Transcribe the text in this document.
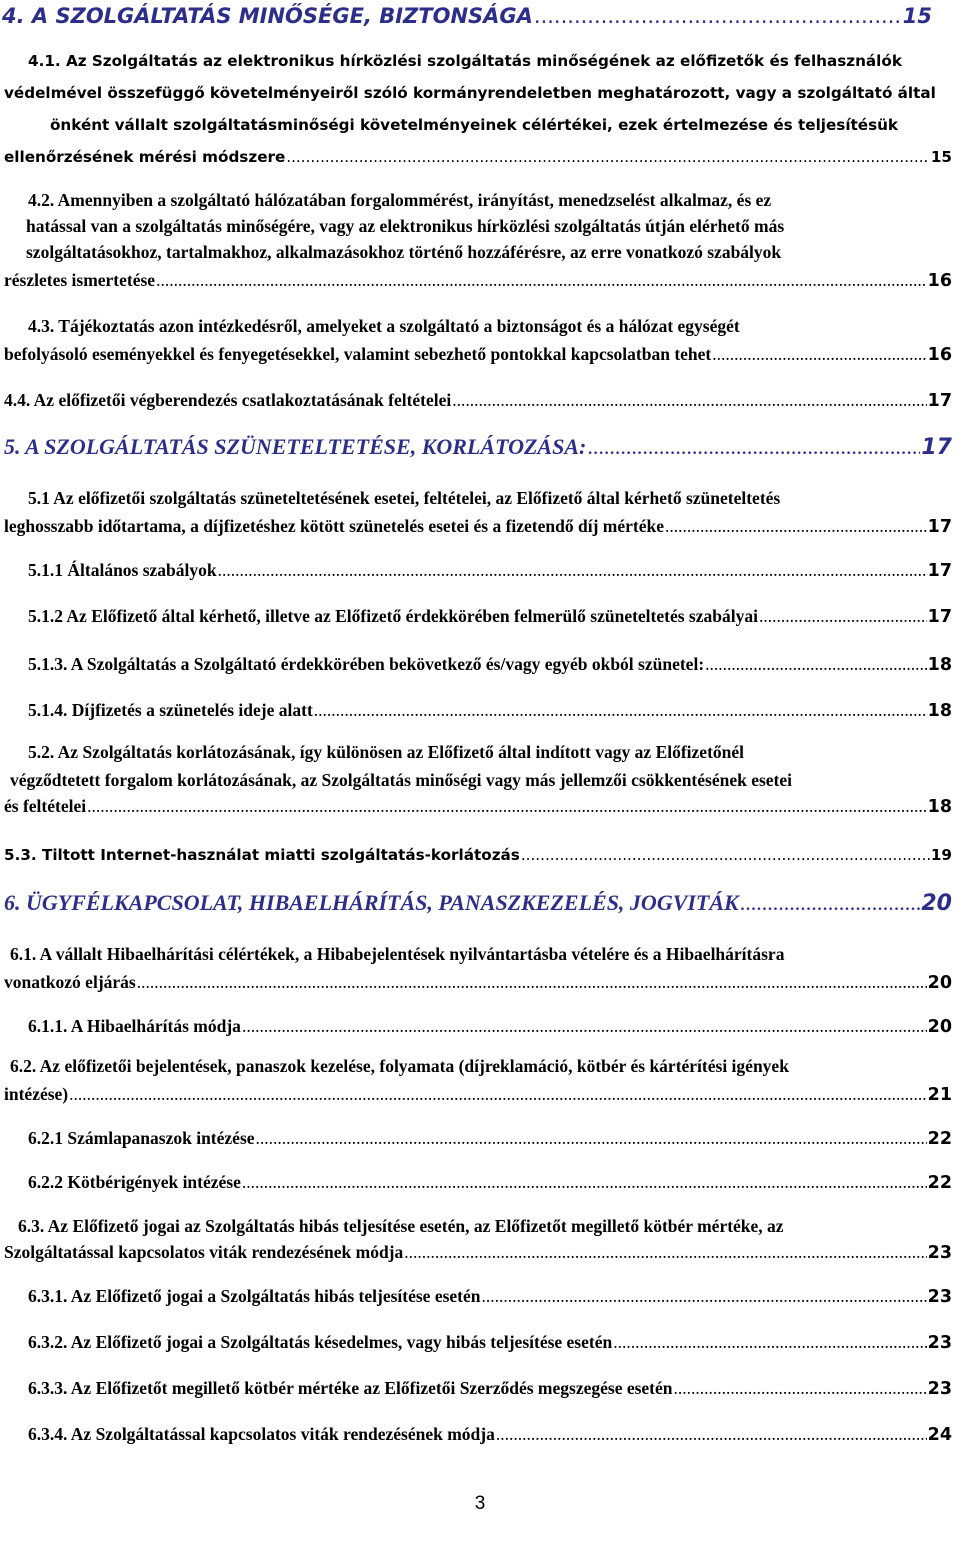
4. A SZOLGÁLTATÁS MINŐSÉGE, BIZTONSÁGA .....	15
4.1. Az Szolgáltatás az elektronikus hírközlési szolgáltatás minőségének az előfizetők és felhasználók
védelmével összefüggő követelményeiről szóló kormányrendeletben meghatározott, vagy a szolgáltató által
önként vállalt szolgáltatásminőségi követelményeinek célértékei, ezek értelmezése és teljesítésük
ellenőrzésének mérési módszere .....	15
4.2. Amennyiben a szolgáltató hálózatában forgalommérést, irányítást, menedzselést alkalmaz, és ez
hatással van a szolgáltatás minőségére, vagy az elektronikus hírközlési szolgáltatás útján elérhető más
szolgáltatásokhoz, tartalmakhoz, alkalmazásokhoz történő hozzáférésre, az erre vonatkozó szabályok
részletes ismertetése .....	16
4.3. Tájékoztatás azon intézkedésről, amelyeket a szolgáltató a biztonságot és a hálózat egységét
befolyásoló eseményekkel és fenyegetésekkel, valamint sebezhető pontokkal kapcsolatban tehet .....	16
4.4. Az előfizetői végberendezés csatlakoztatásának feltételei .....	17
5. A SZOLGÁLTATÁS SZÜNETELTETÉSE, KORLÁTOZÁSA: .....	17
5.1 Az előfizetői szolgáltatás szüneteltetésének esetei, feltételei, az Előfizető által kérhető szüneteltetés
leghosszabb időtartama, a díjfizetéshez kötött szünetelés esetei és a fizetendő díj mértéke .....	17
5.1.1 Általános szabályok .....	17
5.1.2 Az Előfizető által kérhető, illetve az Előfizető érdekkörében felmerülő szüneteltetés szabályai .....	17
5.1.3. A Szolgáltatás a Szolgáltató érdekkörében bekövetkező és/vagy egyéb okból szünetel: .....	18
5.1.4. Díjfizetés a szünetelés ideje alatt .....	18
5.2. Az Szolgáltatás korlátozásának, így különösen az Előfizető által indított vagy az Előfizetőnél
végződtetett forgalom korlátozásának, az Szolgáltatás minőségi vagy más jellemzői csökkentésének esetei
és feltételei .....	18
5.3. Tiltott Internet-használat miatti szolgáltatás-korlátozás .....	19
6. ÜGYFÉLKAPCSOLAT, HIBAELHÁRÍTÁS, PANASZKEZELÉS, JOGVITÁK .....	20
6.1. A vállalt Hibaelhárítási célértékek, a Hibabejelentések nyilvántartásba vételére és a Hibaelhárításra
vonatkozó eljárás .....	20
6.1.1. A Hibaelhárítás módja .....	20
6.2. Az előfizetői bejelentések, panaszok kezelése, folyamata (díjreklamáció, kötbér és kártérítési igények
intézése) .....	21
6.2.1 Számlapanaszok intézése .....	22
6.2.2 Kötbérigények intézése .....	22
6.3. Az Előfizető jogai az Szolgáltatás hibás teljesítése esetén, az Előfizetőt megillető kötbér mértéke, az
Szolgáltatással kapcsolatos viták rendezésének módja .....	23
6.3.1. Az Előfizető jogai a Szolgáltatás hibás teljesítése esetén .....	23
6.3.2. Az Előfizető jogai a Szolgáltatás késedelmes, vagy hibás teljesítése esetén .....	23
6.3.3. Az Előfizetőt megillető kötbér mértéke az Előfizetői Szerződés megszegése esetén .....	23
6.3.4. Az Szolgáltatással kapcsolatos viták rendezésének módja .....	24
3
